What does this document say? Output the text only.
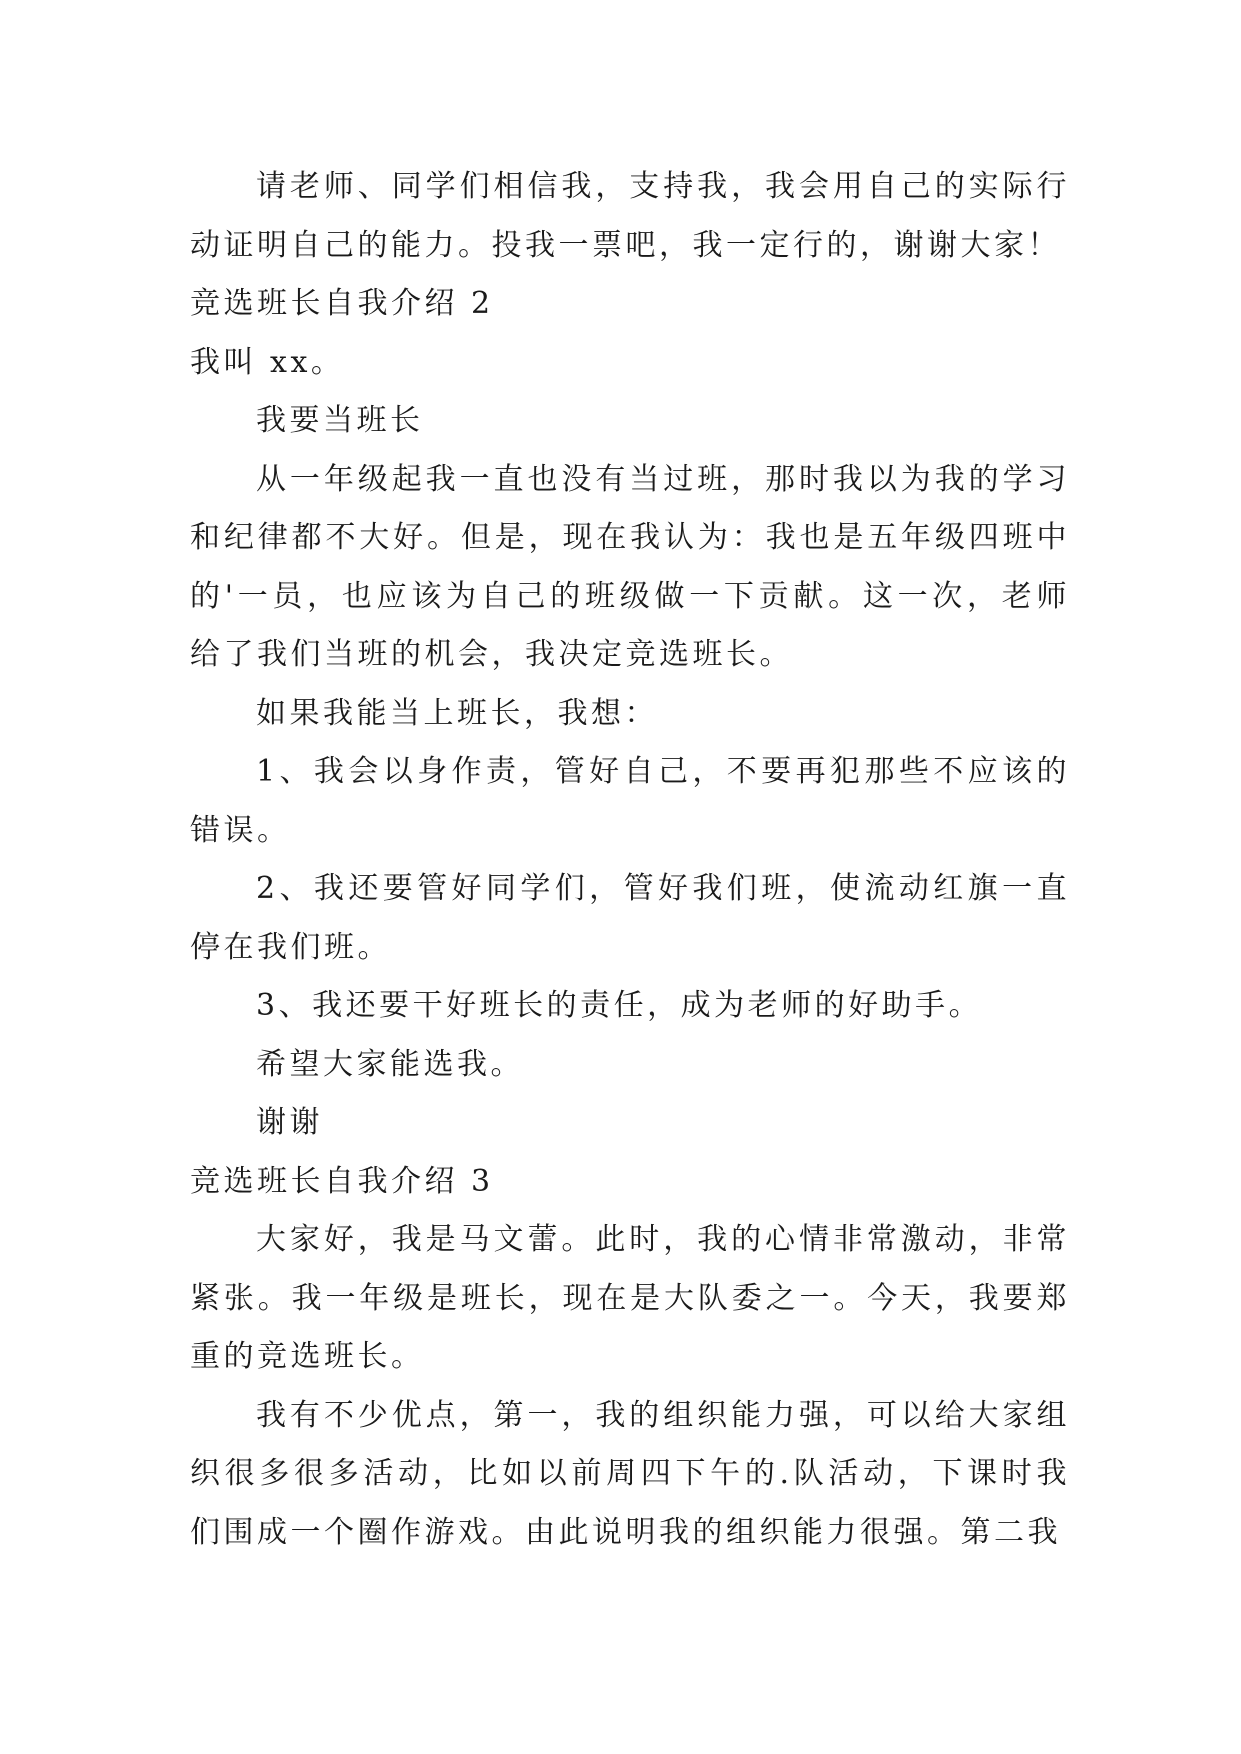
请老师、同学们相信我，支持我，我会用自己的实际行动证明自己的能力。投我一票吧，我一定行的，谢谢大家！

竞选班长自我介绍 2

我叫 xx。

我要当班长

从一年级起我一直也没有当过班，那时我以为我的学习和纪律都不大好。但是，现在我认为：我也是五年级四班中的'一员，也应该为自己的班级做一下贡献。这一次，老师给了我们当班的机会，我决定竞选班长。

如果我能当上班长，我想：

1、我会以身作责，管好自己，不要再犯那些不应该的错误。

2、我还要管好同学们，管好我们班，使流动红旗一直停在我们班。

3、我还要干好班长的责任，成为老师的好助手。

希望大家能选我。

谢谢

竞选班长自我介绍 3

大家好，我是马文蕾。此时，我的心情非常激动，非常紧张。我一年级是班长，现在是大队委之一。今天，我要郑重的竞选班长。

我有不少优点，第一，我的组织能力强，可以给大家组织很多很多活动，比如以前周四下午的.队活动，下课时我们围成一个圈作游戏。由此说明我的组织能力很强。第二我
